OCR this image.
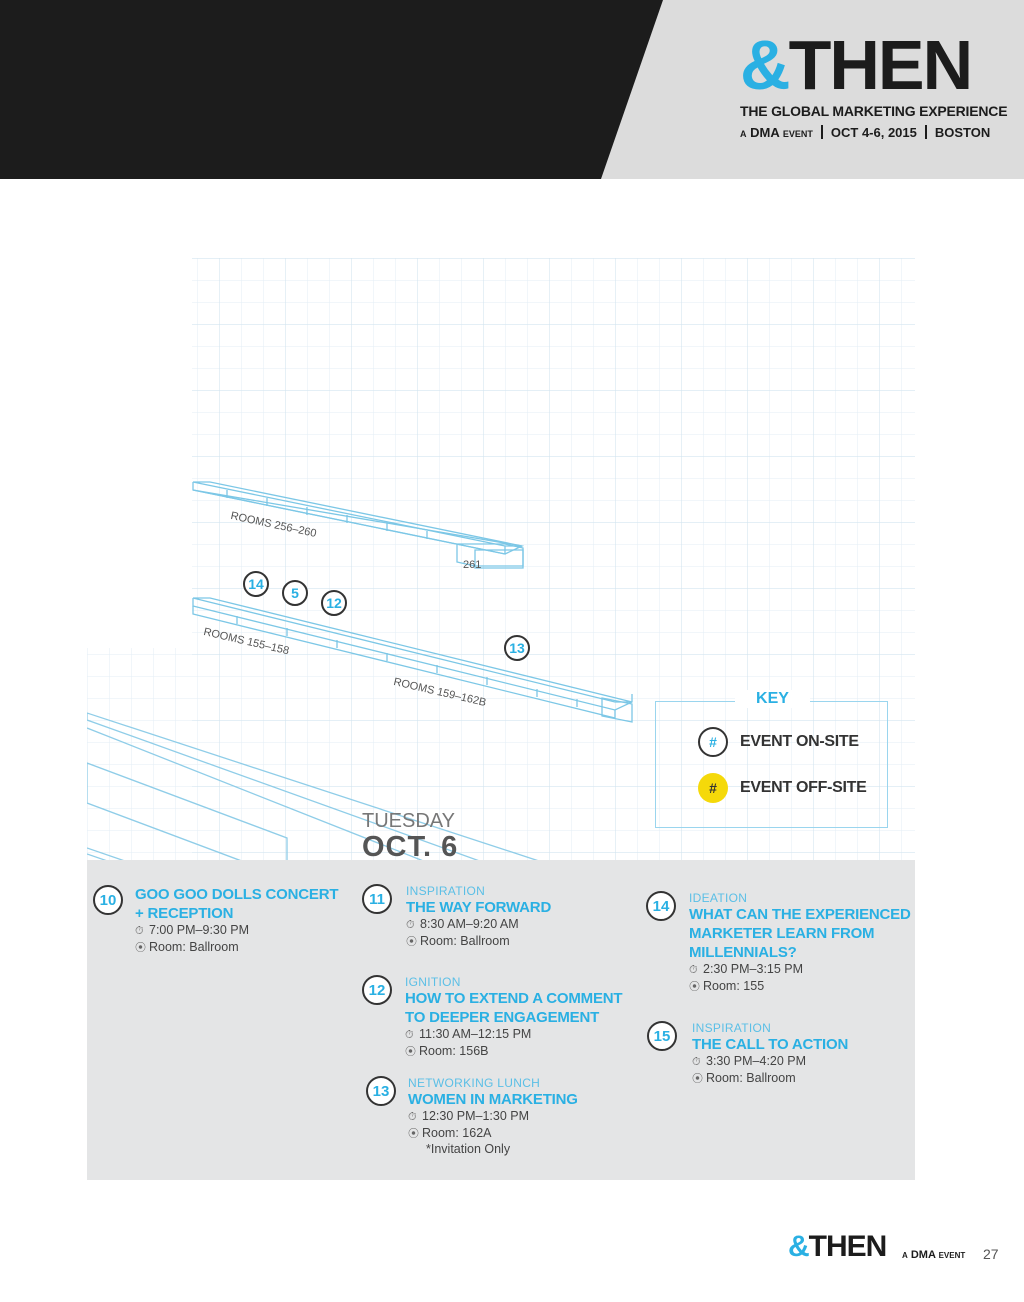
&THEN
THE GLOBAL MARKETING EXPERIENCE
A DMA EVENT OCT 4-6, 2015 BOSTON
ROOMS 256–260
261
ROOMS 155–158
ROOMS 159–162B
14
5
12
13
KEY
#	EVENT ON-SITE
#	EVENT OFF-SITE
TUESDAY
OCT. 6
10	GOO GOO DOLLS CONCERT
+ RECEPTION
⏱ 7:00 PM–9:30 PM
⦿ Room: Ballroom
11	INSPIRATION
THE WAY FORWARD
⏱ 8:30 AM–9:20 AM
⦿ Room: Ballroom
12	IGNITION
HOW TO EXTEND A COMMENT
TO DEEPER ENGAGEMENT
⏱ 11:30 AM–12:15 PM
⦿ Room: 156B
13	NETWORKING LUNCH
WOMEN IN MARKETING
⏱ 12:30 PM–1:30 PM
⦿ Room: 162A
*Invitation Only
14	IDEATION
WHAT CAN THE EXPERIENCED
MARKETER LEARN FROM
MILLENNIALS?
⏱ 2:30 PM–3:15 PM
⦿ Room: 155
15	INSPIRATION
THE CALL TO ACTION
⏱ 3:30 PM–4:20 PM
⦿ Room: Ballroom
&THEN A DMA EVENT 27
